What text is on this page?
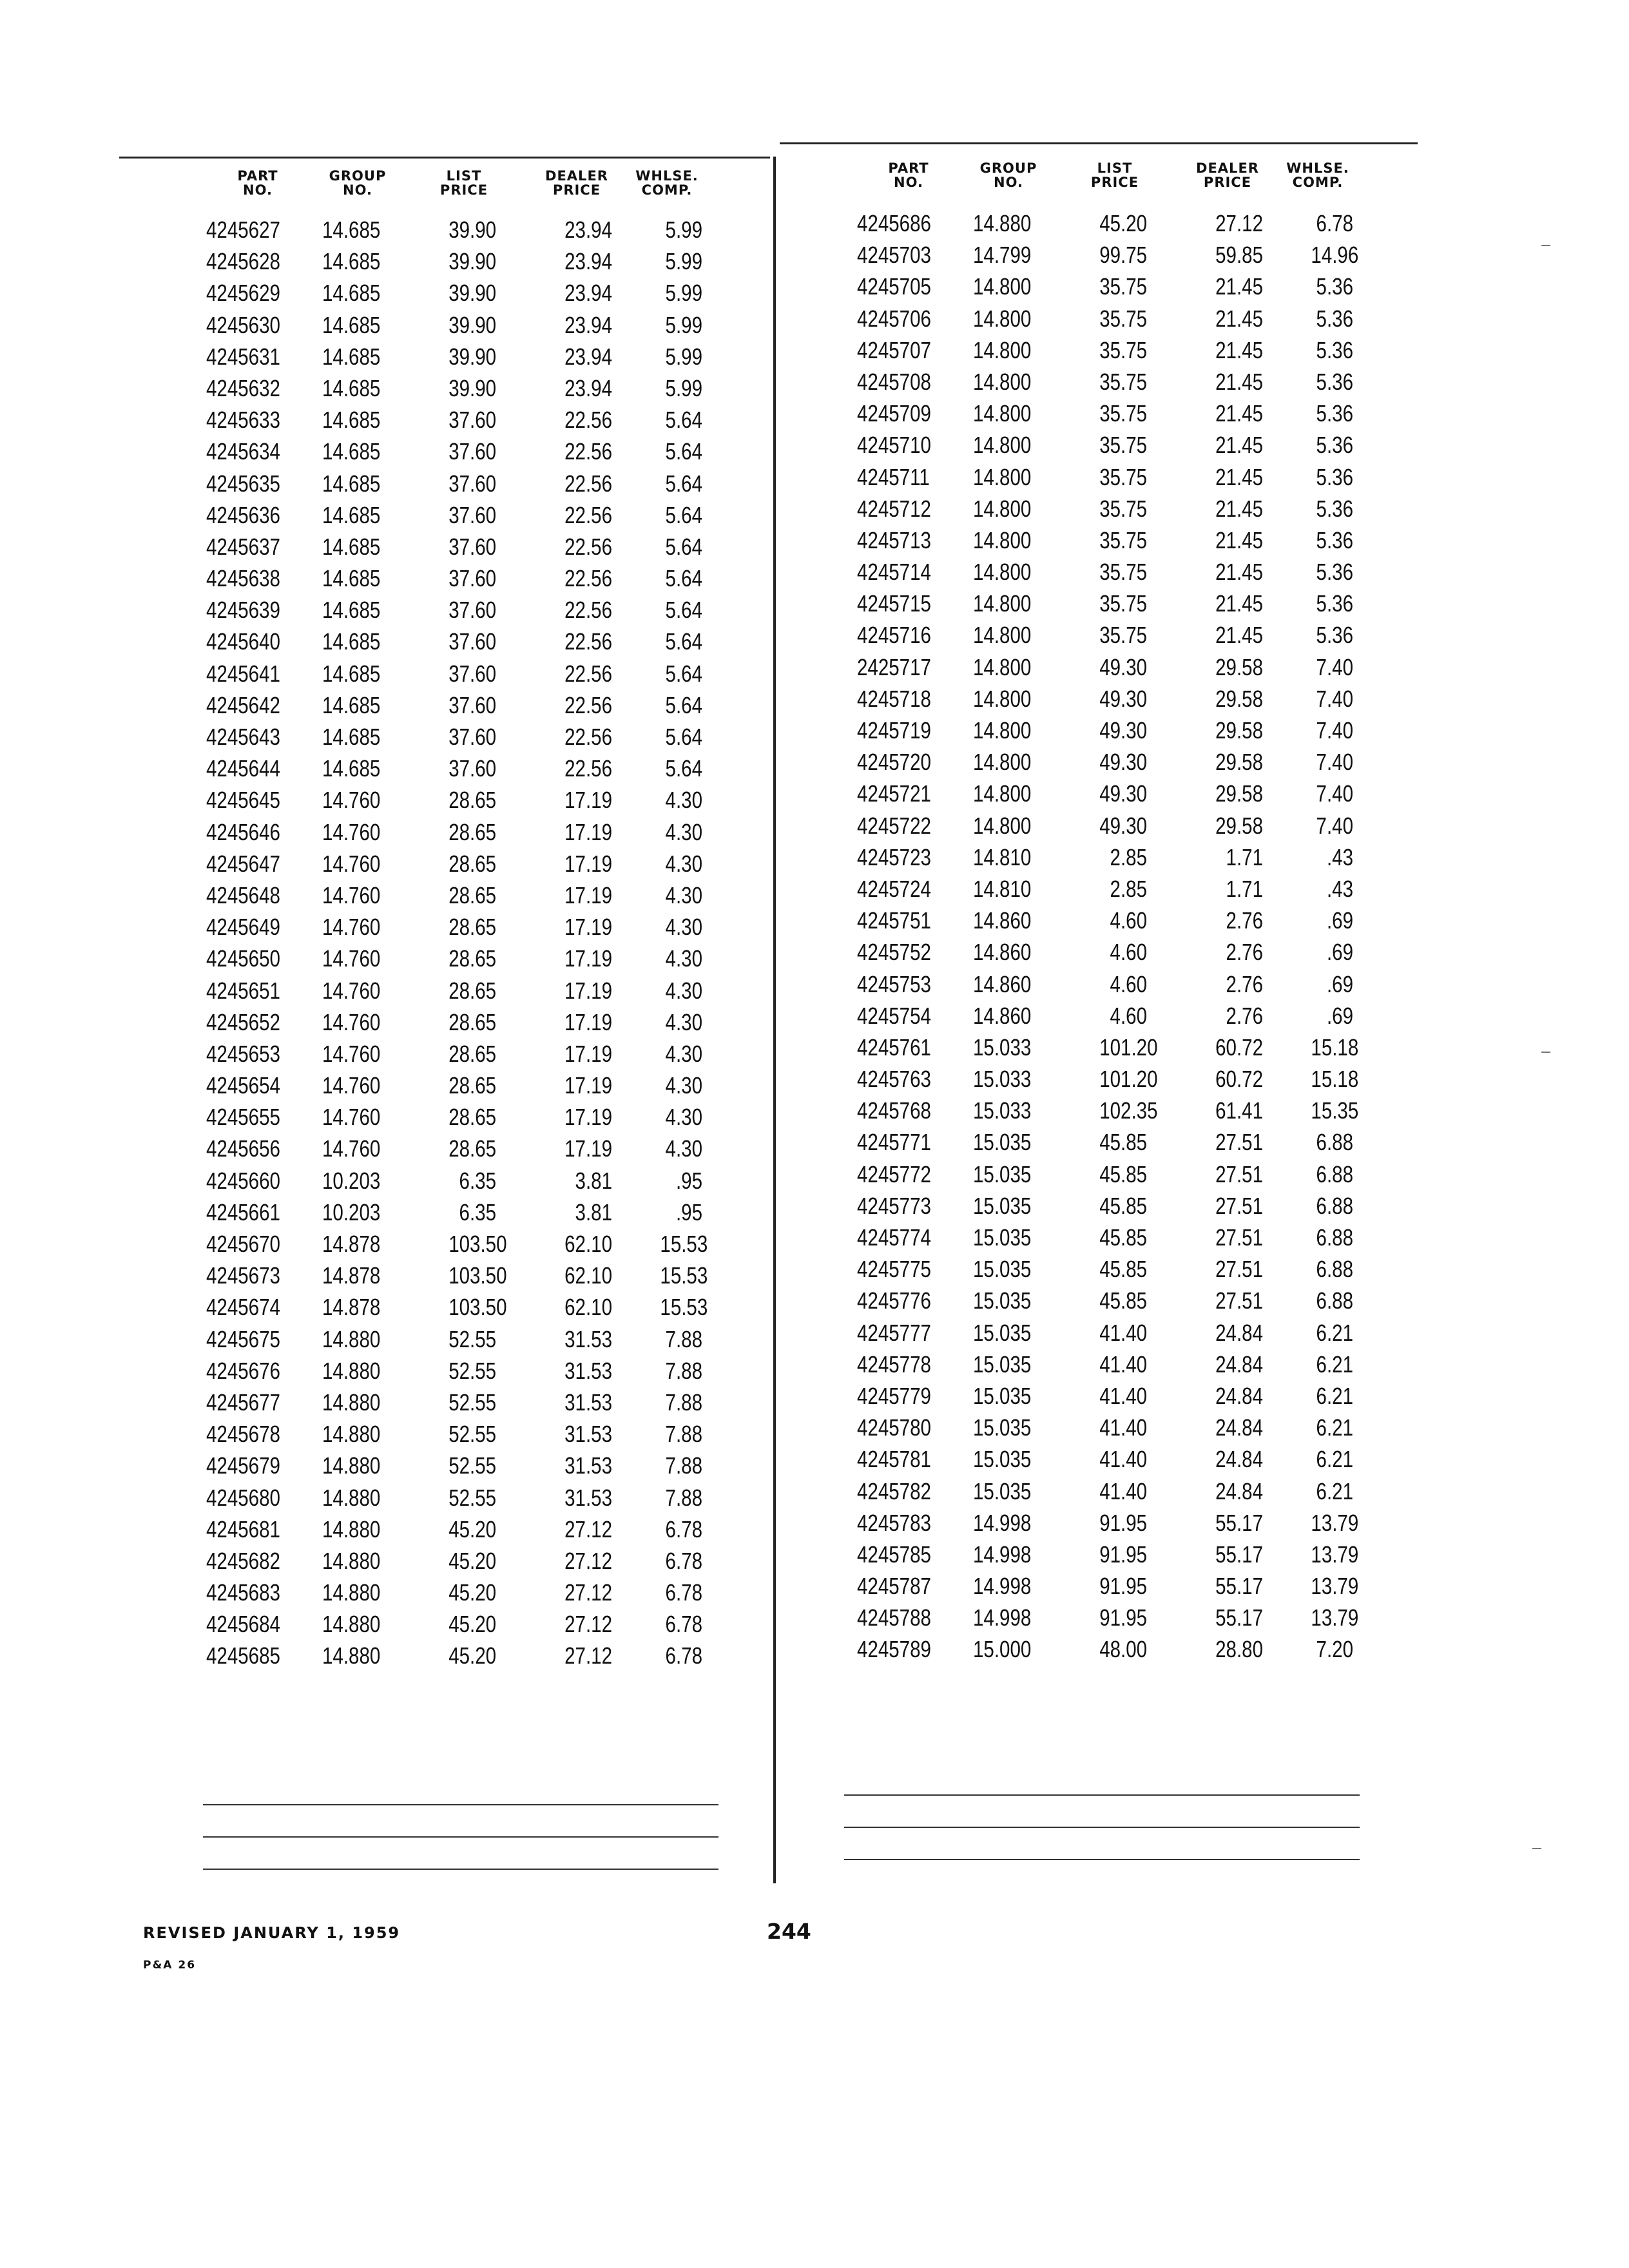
PART
NO.
GROUP
NO.
LIST
PRICE
DEALER
PRICE
WHLSE.
COMP.
4245627 14.685	39.90	23.94 5.99
4245628 14.685	39.90	23.94 5.99
4245629 14.685	39.90	23.94 5.99
4245630 14.685	39.90	23.94 5.99
4245631 14.685	39.90	23.94 5.99
4245632 14.685	39.90	23.94 5.99
4245633 14.685	37.60	22.56 5.64
4245634 14.685	37.60	22.56 5.64
4245635 14.685	37.60	22.56 5.64
4245636 14.685	37.60	22.56 5.64
4245637 14.685	37.60	22.56 5.64
4245638 14.685	37.60	22.56 5.64
4245639 14.685	37.60	22.56 5.64
4245640 14.685	37.60	22.56 5.64
4245641 14.685	37.60	22.56 5.64
4245642 14.685	37.60	22.56 5.64
4245643 14.685	37.60	22.56 5.64
4245644 14.685	37.60	22.56 5.64
4245645 14.760	28.65	17.19 4.30
4245646 14.760	28.65	17.19 4.30
4245647 14.760	28.65	17.19 4.30
4245648 14.760	28.65	17.19 4.30
4245649 14.760	28.65	17.19 4.30
4245650 14.760	28.65	17.19 4.30
4245651 14.760	28.65	17.19 4.30
4245652 14.760	28.65	17.19 4.30
4245653 14.760	28.65	17.19 4.30
4245654 14.760	28.65	17.19 4.30
4245655 14.760	28.65	17.19 4.30
4245656 14.760	28.65	17.19 4.30
4245660 10.203	6.35	3.81	.95
4245661 10.203	6.35	3.81	.95
4245670 14.878	103.50 62.10 15.53
4245673 14.878	103.50 62.10 15.53
4245674 14.878	103.50 62.10 15.53
4245675 14.880	52.55	31.53 7.88
4245676 14.880	52.55	31.53 7.88
4245677 14.880	52.55	31.53 7.88
4245678 14.880	52.55	31.53 7.88
4245679 14.880	52.55	31.53 7.88
4245680 14.880	52.55	31.53 7.88
4245681 14.880	45.20	27.12 6.78
4245682 14.880	45.20	27.12 6.78
4245683 14.880	45.20	27.12 6.78
4245684 14.880	45.20	27.12 6.78
4245685 14.880	45.20	27.12 6.78
PART
NO.
GROUP
NO.
LIST
PRICE
DEALER
PRICE
WHLSE.
COMP.
4245686 14.880	45.20	27.12 6.78
4245703 14.799	99.75	59.85 14.96
4245705 14.800	35.75	21.45 5.36
4245706 14.800	35.75	21.45 5.36
4245707 14.800	35.75	21.45 5.36
4245708 14.800	35.75	21.45 5.36
4245709 14.800	35.75	21.45 5.36
4245710 14.800	35.75	21.45 5.36
4245711 14.800	35.75	21.45 5.36
4245712 14.800	35.75	21.45 5.36
4245713 14.800	35.75	21.45 5.36
4245714 14.800	35.75	21.45 5.36
4245715 14.800	35.75	21.45 5.36
4245716 14.800	35.75	21.45 5.36
2425717 14.800	49.30	29.58 7.40
4245718 14.800	49.30	29.58 7.40
4245719 14.800	49.30	29.58 7.40
4245720 14.800	49.30	29.58 7.40
4245721 14.800	49.30	29.58 7.40
4245722 14.800	49.30	29.58 7.40
4245723 14.810	2.85	1.71	.43
4245724 14.810	2.85	1.71	.43
4245751 14.860	4.60	2.76	.69
4245752 14.860	4.60	2.76	.69
4245753 14.860	4.60	2.76	.69
4245754 14.860	4.60	2.76	.69
4245761 15.033	101.20 60.72 15.18
4245763 15.033	101.20 60.72 15.18
4245768 15.033	102.35 61.41 15.35
4245771 15.035	45.85	27.51 6.88
4245772 15.035	45.85	27.51 6.88
4245773 15.035	45.85	27.51 6.88
4245774 15.035	45.85	27.51 6.88
4245775 15.035	45.85	27.51 6.88
4245776 15.035	45.85	27.51 6.88
4245777 15.035	41.40	24.84 6.21
4245778 15.035	41.40	24.84 6.21
4245779 15.035	41.40	24.84 6.21
4245780 15.035	41.40	24.84 6.21
4245781 15.035	41.40	24.84 6.21
4245782 15.035	41.40	24.84 6.21
4245783 14.998	91.95	55.17 13.79
4245785 14.998	91.95	55.17 13.79
4245787 14.998	91.95	55.17 13.79
4245788 14.998	91.95	55.17 13.79
4245789 15.000	48.00	28.80 7.20
REVISED JANUARY 1, 1959
P&A 26
244
